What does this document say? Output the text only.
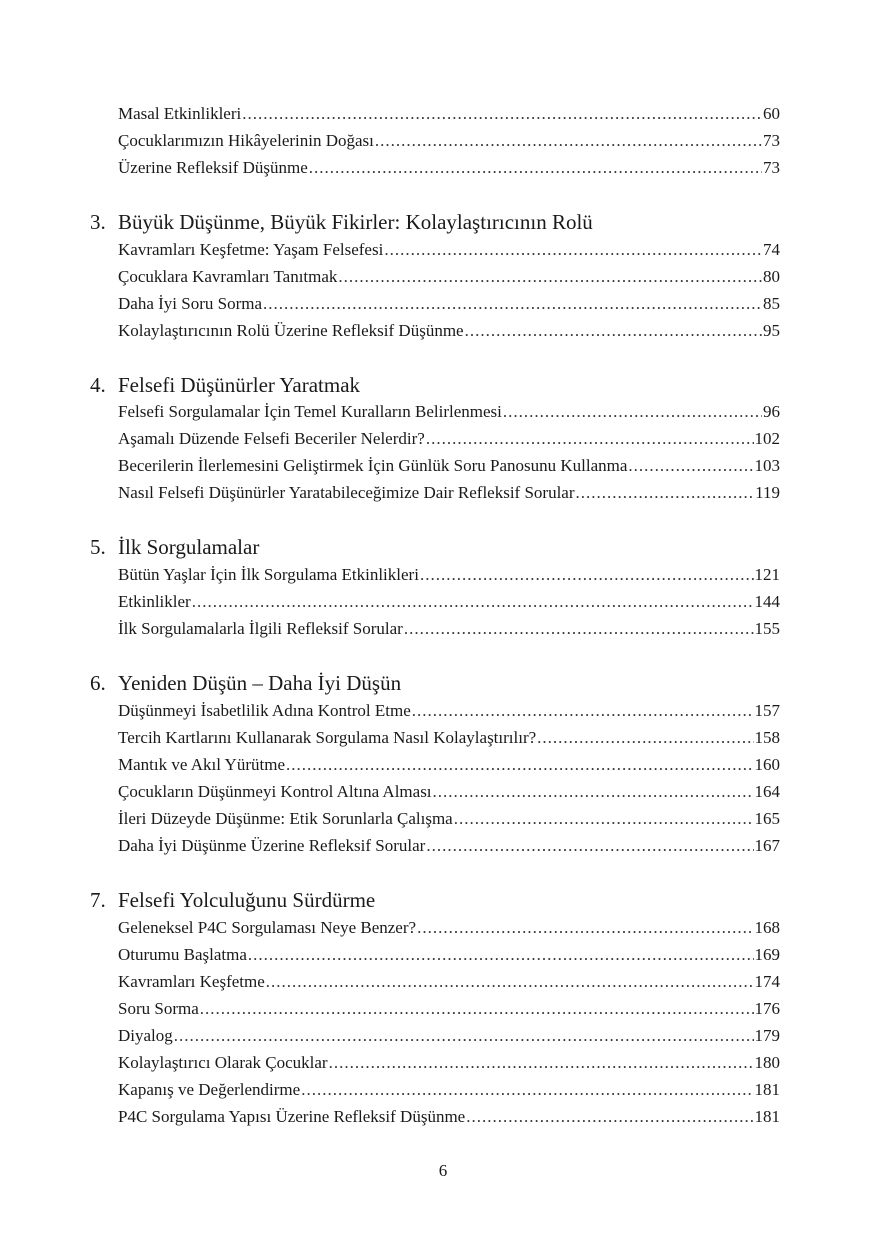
Masal Etkinlikleri .....	60
Çocuklarımızın Hikâyelerinin Doğası .....	73
Üzerine Refleksif Düşünme .....	73
3. Büyük Düşünme, Büyük Fikirler: Kolaylaştırıcının Rolü
Kavramları Keşfetme: Yaşam Felsefesi .....	74
Çocuklara Kavramları Tanıtmak .....	80
Daha İyi Soru Sorma .....	85
Kolaylaştırıcının Rolü Üzerine Refleksif Düşünme .....	95
4. Felsefi Düşünürler Yaratmak
Felsefi Sorgulamalar İçin Temel Kuralların Belirlenmesi .....	96
Aşamalı Düzende Felsefi Beceriler Nelerdir? .....	102
Becerilerin İlerlemesini Geliştirmek İçin Günlük Soru Panosunu Kullanma .....	103
Nasıl Felsefi Düşünürler Yaratabileceğimize Dair Refleksif Sorular .....	119
5. İlk Sorgulamalar
Bütün Yaşlar İçin İlk Sorgulama Etkinlikleri .....	121
Etkinlikler .....	144
İlk Sorgulamalarla İlgili Refleksif Sorular .....	155
6. Yeniden Düşün – Daha İyi Düşün
Düşünmeyi İsabetlilik Adına Kontrol Etme .....	157
Tercih Kartlarını Kullanarak Sorgulama Nasıl Kolaylaştırılır? .....	158
Mantık ve Akıl Yürütme .....	160
Çocukların Düşünmeyi Kontrol Altına Alması .....	164
İleri Düzeyde Düşünme: Etik Sorunlarla Çalışma .....	165
Daha İyi Düşünme Üzerine Refleksif Sorular .....	167
7. Felsefi Yolculuğunu Sürdürme
Geleneksel P4C Sorgulaması Neye Benzer? .....	168
Oturumu Başlatma .....	169
Kavramları Keşfetme .....	174
Soru Sorma .....	176
Diyalog .....	179
Kolaylaştırıcı Olarak Çocuklar .....	180
Kapanış ve Değerlendirme .....	181
P4C Sorgulama Yapısı Üzerine Refleksif Düşünme .....	181
6
